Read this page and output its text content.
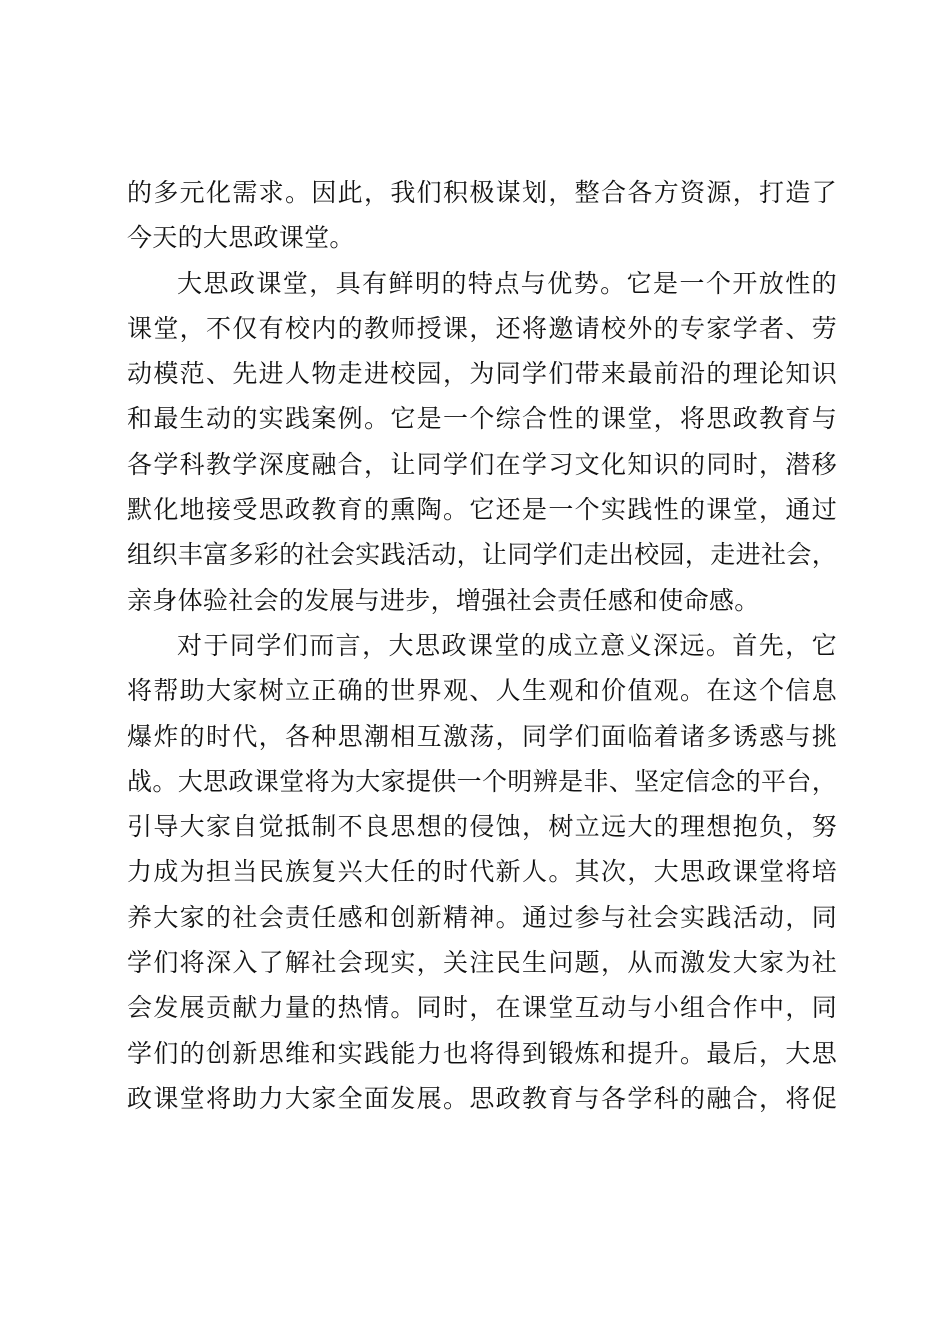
的多元化需求。因此，我们积极谋划，整合各方资源，打造了
今天的大思政课堂。
大思政课堂，具有鲜明的特点与优势。它是一个开放性的
课堂，不仅有校内的教师授课，还将邀请校外的专家学者、劳
动模范、先进人物走进校园，为同学们带来最前沿的理论知识
和最生动的实践案例。它是一个综合性的课堂，将思政教育与
各学科教学深度融合，让同学们在学习文化知识的同时，潜移
默化地接受思政教育的熏陶。它还是一个实践性的课堂，通过
组织丰富多彩的社会实践活动，让同学们走出校园，走进社会，
亲身体验社会的发展与进步，增强社会责任感和使命感。
对于同学们而言，大思政课堂的成立意义深远。首先，它
将帮助大家树立正确的世界观、人生观和价值观。在这个信息
爆炸的时代，各种思潮相互激荡，同学们面临着诸多诱惑与挑
战。大思政课堂将为大家提供一个明辨是非、坚定信念的平台，
引导大家自觉抵制不良思想的侵蚀，树立远大的理想抱负，努
力成为担当民族复兴大任的时代新人。其次，大思政课堂将培
养大家的社会责任感和创新精神。通过参与社会实践活动，同
学们将深入了解社会现实，关注民生问题，从而激发大家为社
会发展贡献力量的热情。同时，在课堂互动与小组合作中，同
学们的创新思维和实践能力也将得到锻炼和提升。最后，大思
政课堂将助力大家全面发展。思政教育与各学科的融合，将促
